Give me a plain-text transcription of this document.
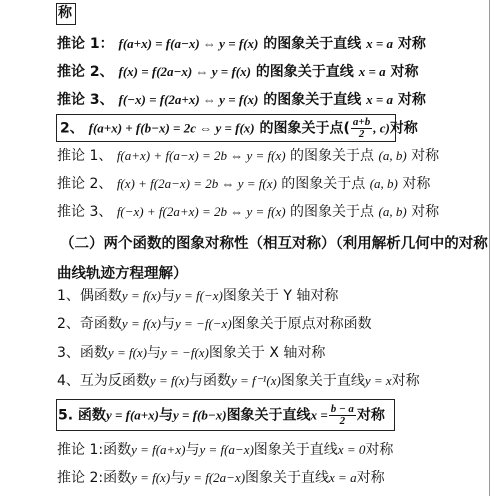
称
推论 1： f(a+x) = f(a−x) ⇔ y = f(x) 的图象关于直线 x = a 对称
推论 2、 f(x) = f(2a−x) ⇔ y = f(x) 的图象关于直线 x = a 对称
推论 3、 f(−x) = f(2a+x) ⇔ y = f(x) 的图象关于直线 x = a 对称
2、 f(a+x) + f(b−x) = 2c ⇔ y = f(x) 的图象关于点( $\frac{a+b}{2}$ , c)对称
推论 1、 f(a+x) + f(a−x) = 2b ⇔ y = f(x) 的图象关于点 (a, b) 对称
推论 2、 f(x) + f(2a−x) = 2b ⇔ y = f(x) 的图象关于点 (a, b) 对称
推论 3、 f(−x) + f(2a+x) = 2b ⇔ y = f(x) 的图象关于点 (a, b) 对称
（二）两个函数的图象对称性（相互对称）（利用解析几何中的对称
曲线轨迹方程理解）
1、偶函数y = f(x)与y = f(−x)图象关于 Y 轴对称
2、奇函数y = f(x)与y = −f(−x)图象关于原点对称函数
3、函数y = f(x)与y = −f(x)图象关于 X 轴对称
4、互为反函数y = f(x)与函数y = f⁻¹(x)图象关于直线y = x对称
5. 函数y = f(a+x)与y = f(b−x)图象关于直线$x = \frac{b - a}{2}$ 对称
推论 1:函数y = f(a+x)与y = f(a−x)图象关于直线x = 0对称
推论 2:函数y = f(x)与y = f(2a−x)图象关于直线x = a对称
